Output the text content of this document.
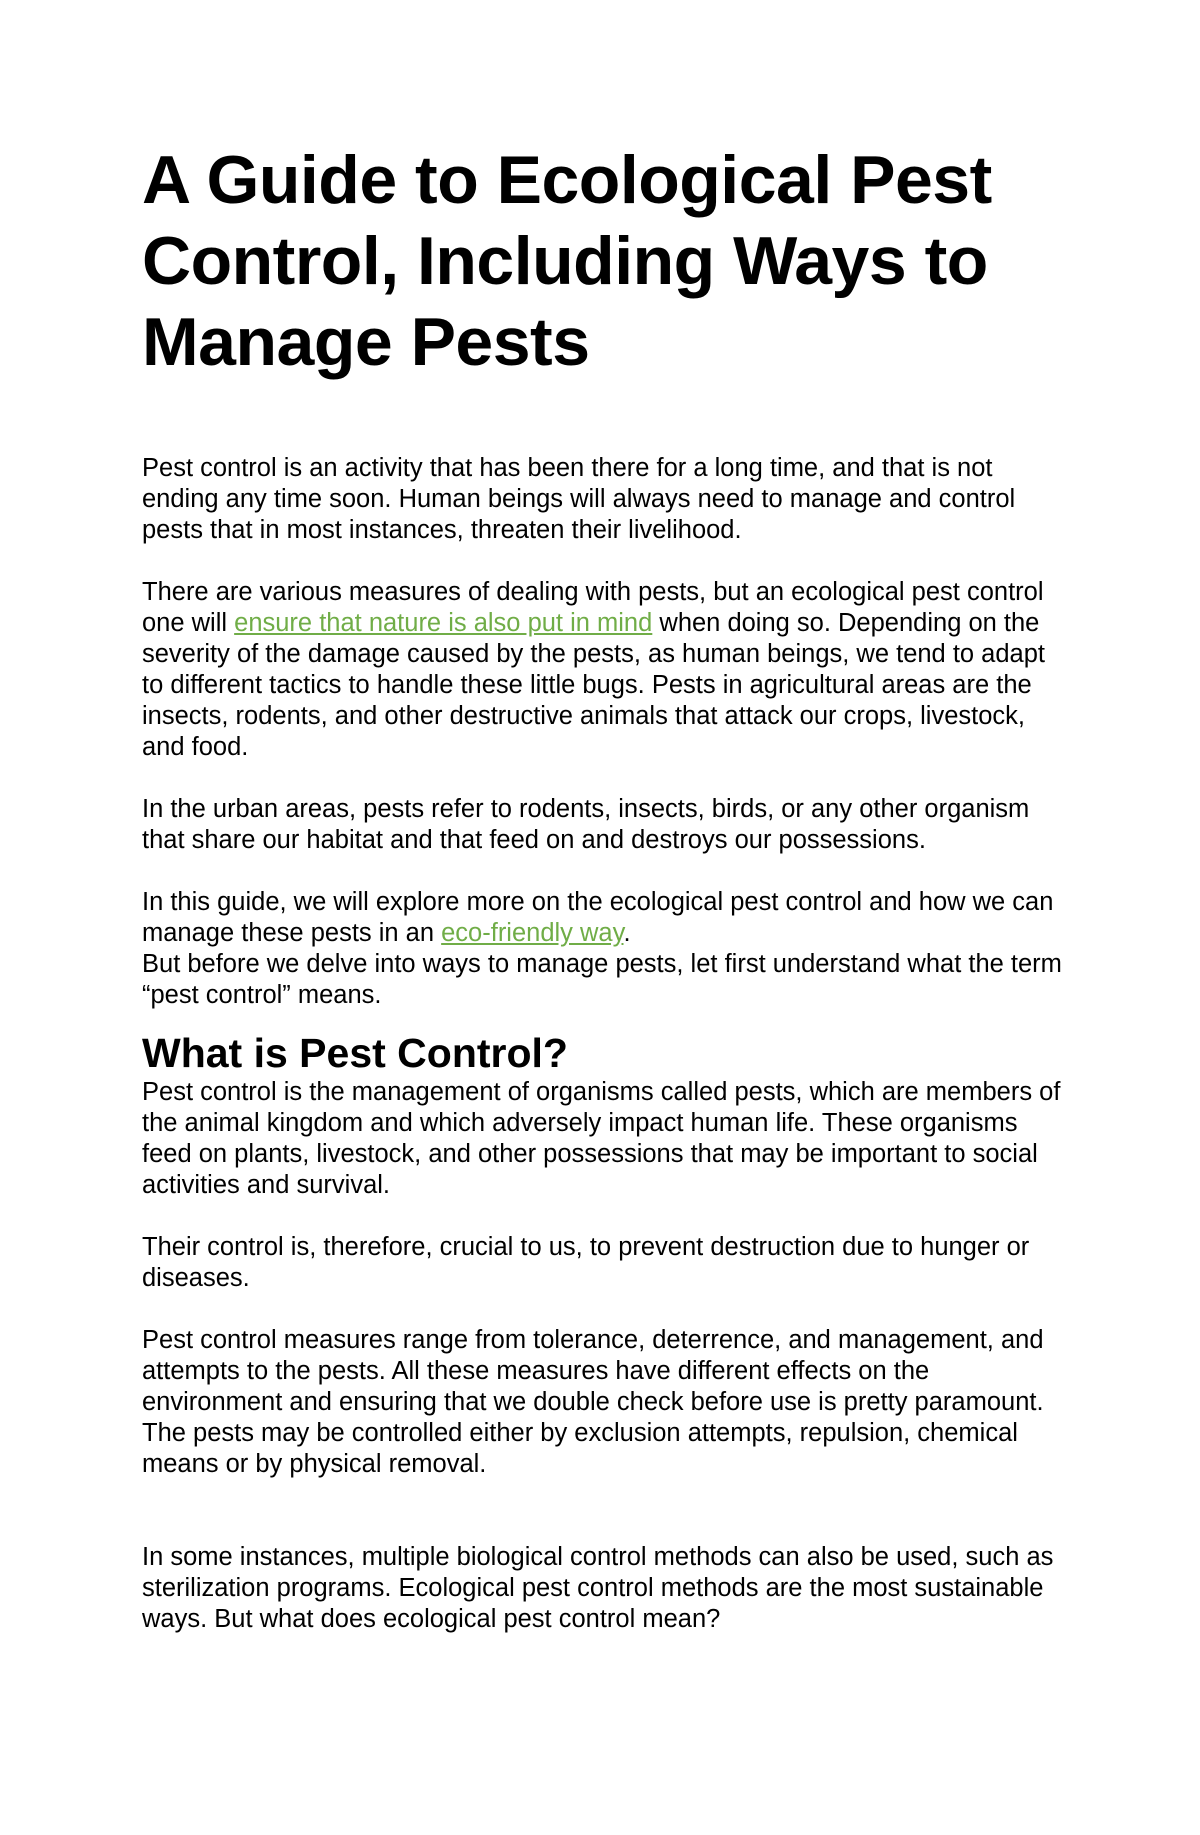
A Guide to Ecological Pest Control, Including Ways to Manage Pests

Pest control is an activity that has been there for a long time, and that is not ending any time soon. Human beings will always need to manage and control pests that in most instances, threaten their livelihood.

There are various measures of dealing with pests, but an ecological pest control one will ensure that nature is also put in mind when doing so. Depending on the severity of the damage caused by the pests, as human beings, we tend to adapt to different tactics to handle these little bugs. Pests in agricultural areas are the insects, rodents, and other destructive animals that attack our crops, livestock, and food.

In the urban areas, pests refer to rodents, insects, birds, or any other organism that share our habitat and that feed on and destroys our possessions.

In this guide, we will explore more on the ecological pest control and how we can manage these pests in an eco-friendly way.

But before we delve into ways to manage pests, let first understand what the term “pest control” means.

What is Pest Control?

Pest control is the management of organisms called pests, which are members of the animal kingdom and which adversely impact human life. These organisms feed on plants, livestock, and other possessions that may be important to social activities and survival.

Their control is, therefore, crucial to us, to prevent destruction due to hunger or diseases.

Pest control measures range from tolerance, deterrence, and management, and attempts to the pests. All these measures have different effects on the environment and ensuring that we double check before use is pretty paramount. The pests may be controlled either by exclusion attempts, repulsion, chemical means or by physical removal.

In some instances, multiple biological control methods can also be used, such as sterilization programs. Ecological pest control methods are the most sustainable ways. But what does ecological pest control mean?
